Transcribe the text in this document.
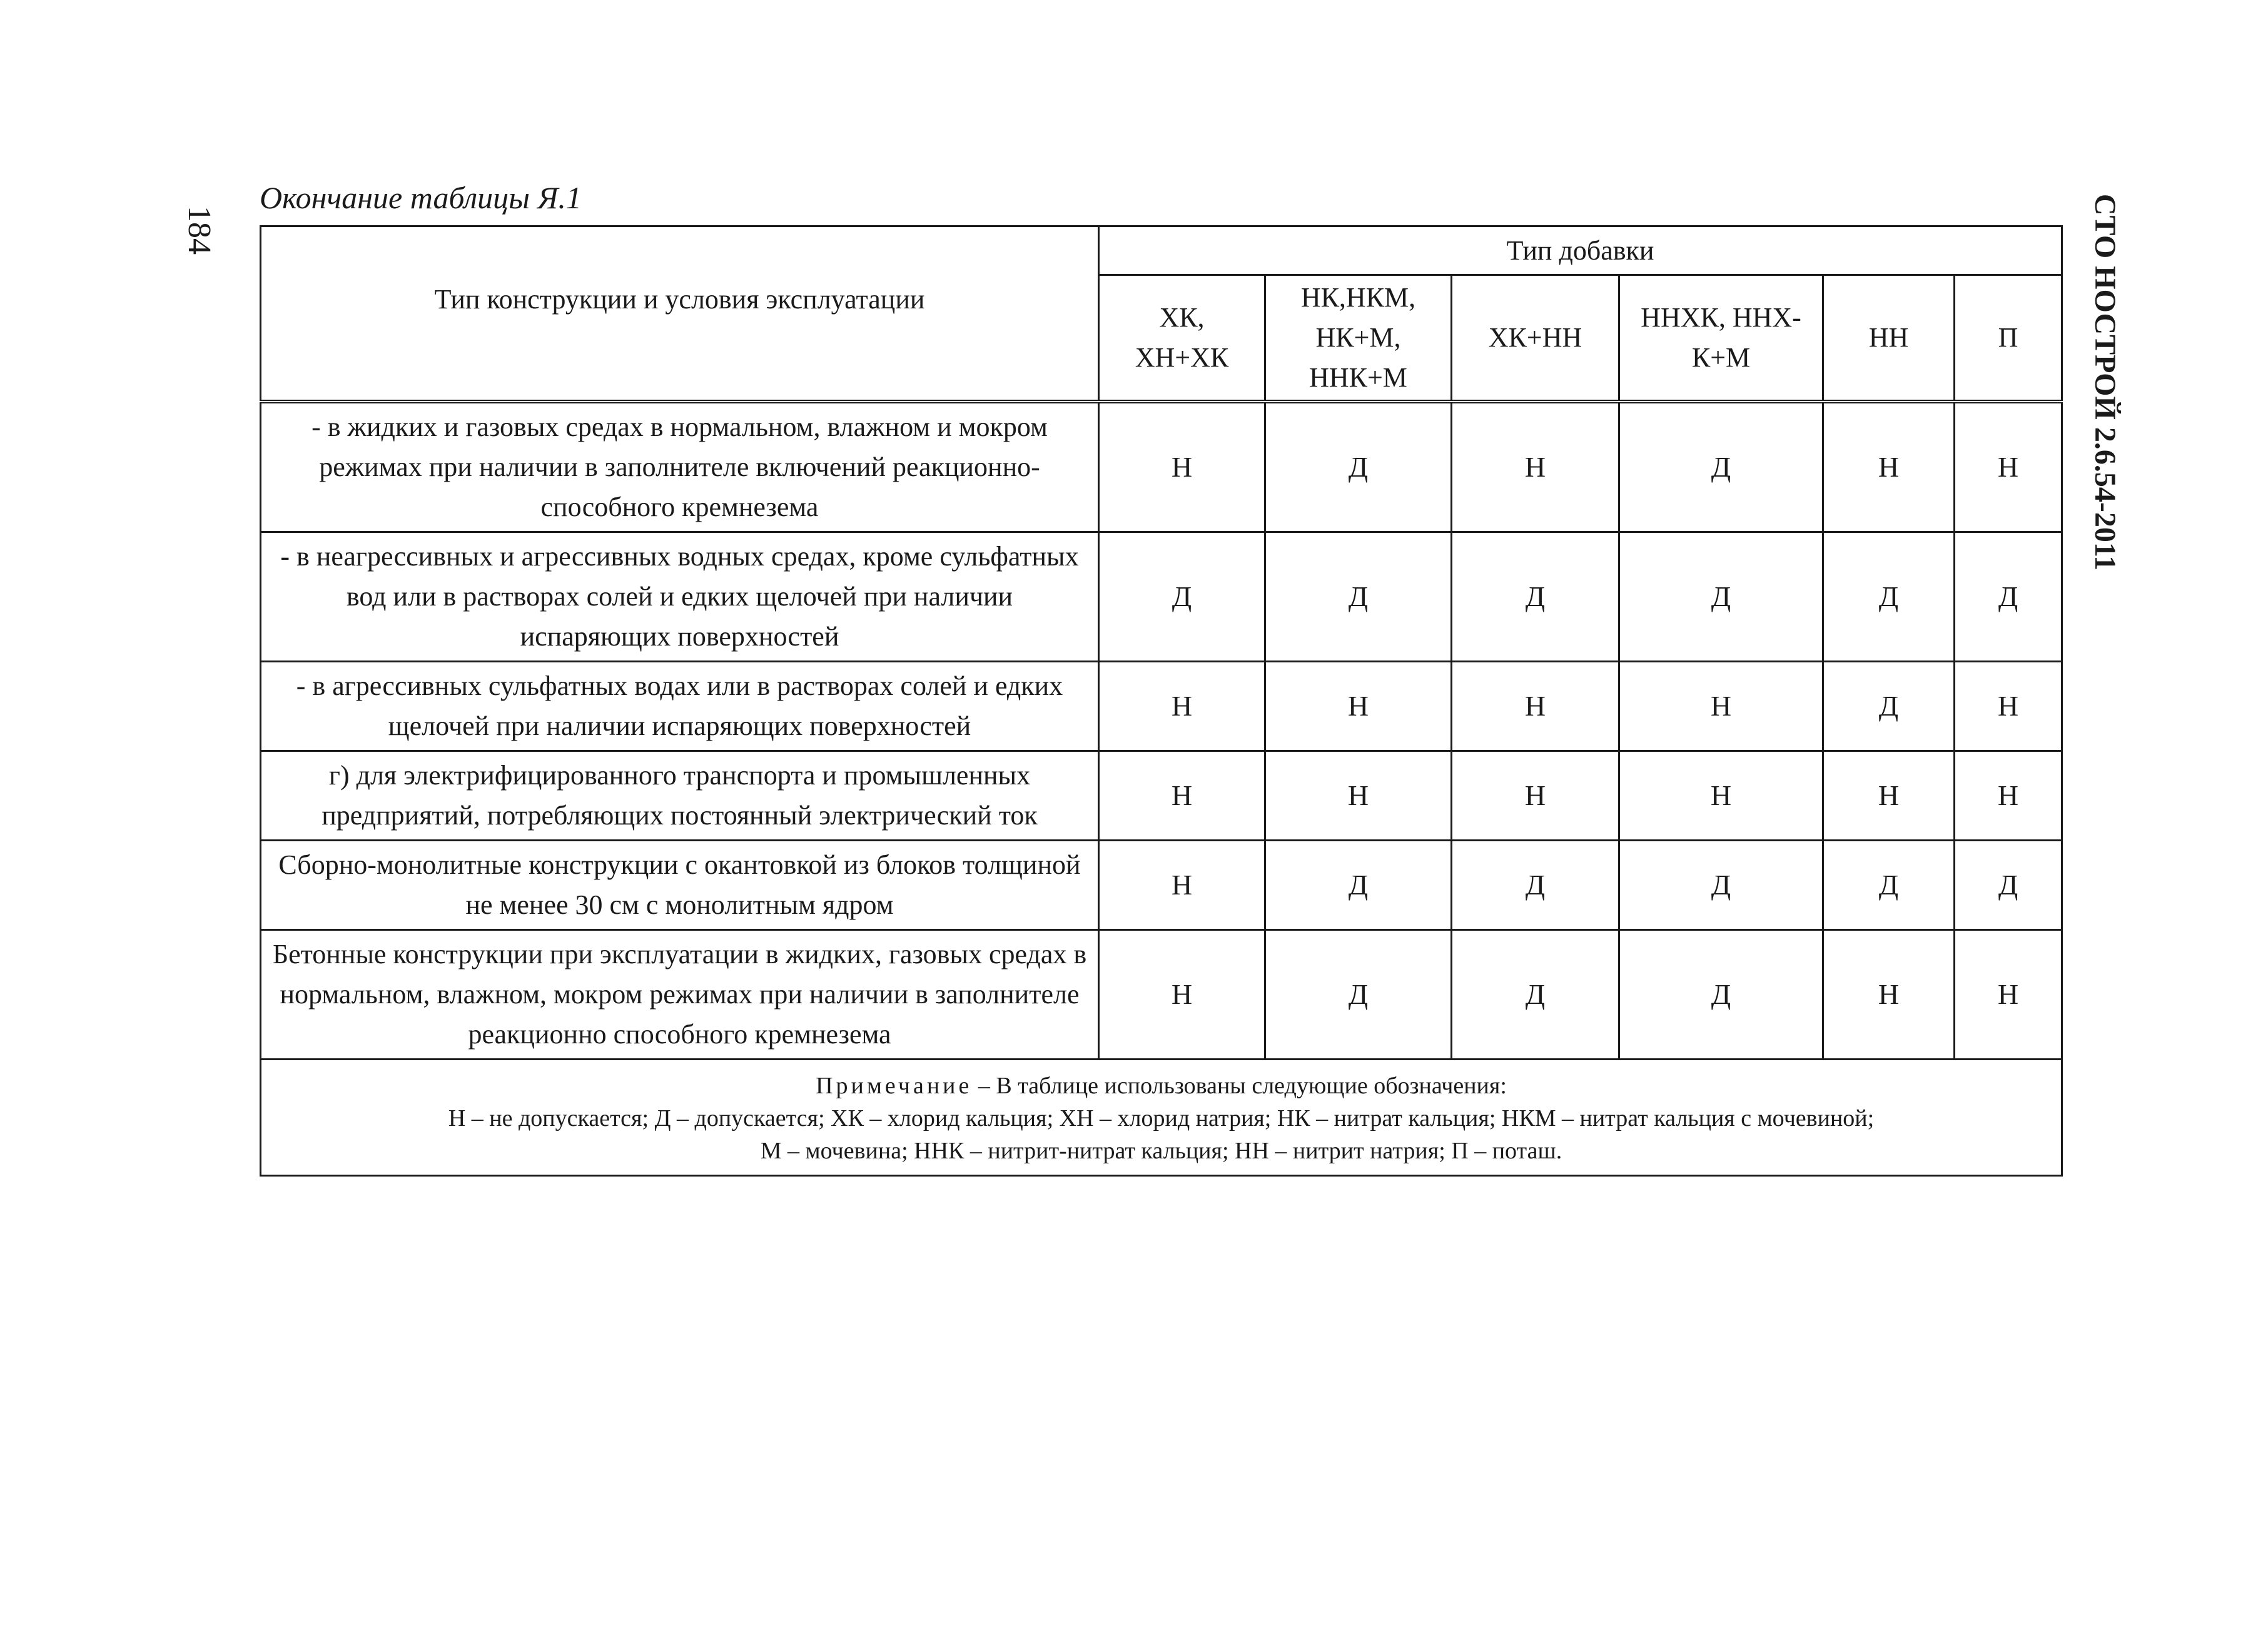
184	СТО НОСТРОЙ 2.6.54-2011
Окончание таблицы Я.1
Тип конструкции и условия эксплуатации	Тип добавки					

	ХК, ХН+ХК	НК,НКМ, НК+М, ННК+М	ХК+НН	ННХК, ННХ-К+М	НН	П
- в жидких и газовых средах в нормальном, влажном и мокром режимах при наличии в заполнителе включений реакционно-способного кремнезема	Н	Д	Н	Д	Н	Н
- в неагрессивных и агрессивных водных средах, кроме сульфатных вод или в растворах солей и едких щелочей при наличии испаряющих поверхностей	Д	Д	Д	Д	Д	Д
- в агрессивных сульфатных водах или в растворах солей и едких щелочей при наличии испаряющих поверхностей	Н	Н	Н	Н	Д	Н
г) для электрифицированного транспорта и промышленных предприятий, потребляющих постоянный электрический ток	Н	Н	Н	Н	Н	Н
Сборно-монолитные конструкции с окантовкой из блоков толщиной не менее 30 см с монолитным ядром	Н	Д	Д	Д	Д	Д
Бетонные конструкции при эксплуатации в жидких, газовых средах в нормальном, влажном, мокром режимах при наличии в заполнителе реакционно способного кремнезема	Н	Д	Д	Д	Н	Н

Примечание – В таблице использованы следующие обозначения:
Н – не допускается; Д – допускается; ХК – хлорид кальция; ХН – хлорид натрия; НК – нитрат кальция; НКМ – нитрат кальция с мочевиной;
М – мочевина; ННК – нитрит-нитрат кальция; НН – нитрит натрия; П – поташ.						
